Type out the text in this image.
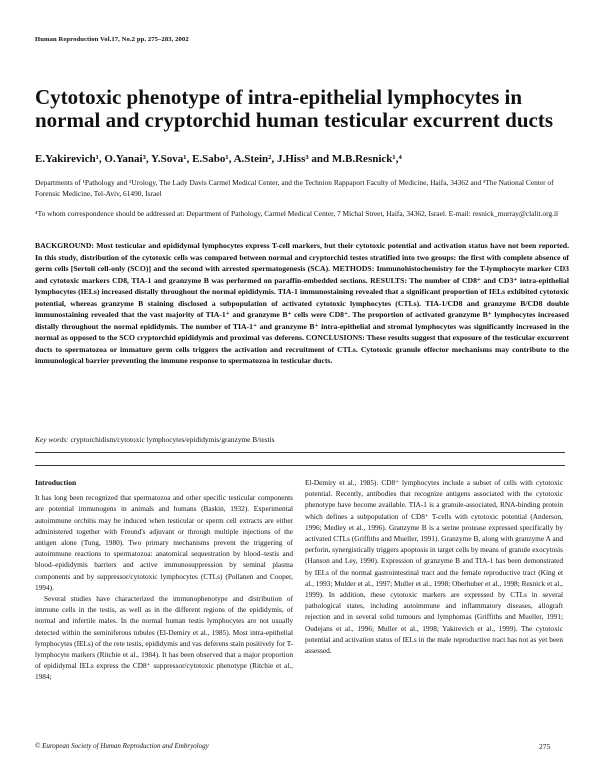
Human Reproduction Vol.17, No.2 pp. 275–283, 2002
Cytotoxic phenotype of intra-epithelial lymphocytes in normal and cryptorchid human testicular excurrent ducts
E.Yakirevich¹, O.Yanai³, Y.Sova¹, E.Sabo¹, A.Stein², J.Hiss³ and M.B.Resnick¹,⁴
Departments of ¹Pathology and ²Urology, The Lady Davis Carmel Medical Center, and the Technion Rappaport Faculty of Medicine, Haifa, 34362 and ³The National Center of Forensic Medicine, Tel-Aviv, 61490, Israel
⁴To whom correspondence should be addressed at: Department of Pathology, Carmel Medical Center, 7 Michal Street, Haifa, 34362, Israel. E-mail: resnick_murray@clalit.org.il
BACKGROUND: Most testicular and epididymal lymphocytes express T-cell markers, but their cytotoxic potential and activation status have not been reported. In this study, distribution of the cytotoxic cells was compared between normal and cryptorchid testes stratified into two groups: the first with complete absence of germ cells [Sertoli cell-only (SCO)] and the second with arrested spermatogenesis (SCA). METHODS: Immunohistochemistry for the T-lymphocyte marker CD3 and cytotoxic markers CD8, TIA-1 and granzyme B was performed on paraffin-embedded sections. RESULTS: The number of CD8⁺ and CD3⁺ intra-epithelial lymphocytes (IELs) increased distally throughout the normal epididymis. TIA-1 immunostaining revealed that a significant proportion of IELs exhibited cytotoxic potential, whereas granzyme B staining disclosed a subpopulation of activated cytotoxic lymphocytes (CTLs). TIA-1/CD8 and granzyme B/CD8 double immunostaining revealed that the vast majority of TIA-1⁺ and granzyme B⁺ cells were CD8⁺. The proportion of activated granzyme B⁺ lymphocytes increased distally throughout the normal epididymis. The number of TIA-1⁺ and granzyme B⁺ intra-epithelial and stromal lymphocytes was significantly increased in the normal as opposed to the SCO cryptorchid epididymis and proximal vas deferens. CONCLUSIONS: These results suggest that exposure of the testicular excurrent ducts to spermatozoa or immature germ cells triggers the activation and recruitment of CTLs. Cytotoxic granule effector mechanisms may contribute to the immunological barrier preventing the immune response to spermatozoa in testicular ducts.
Key words: cryptorchidism/cytotoxic lymphocytes/epididymis/granzyme B/testis
Introduction

It has long been recognized that spermatozoa and other specific testicular components are potential immunogens in animals and humans (Baskin, 1932). Experimental autoimmune orchitis may be induced when testicular or sperm cell extracts are either administered together with Freund's adjuvant or through multiple injections of the antigen alone (Tung, 1980). Two primary mechanisms prevent the triggering of autoimmune reactions to spermatozoa: anatomical sequestration by blood–testis and blood–epididymis barriers and active immunosuppression by seminal plasma components and by suppressor/cytotoxic lymphocytes (CTLs) (Pollanen and Cooper, 1994).

Several studies have characterized the immunophenotype and distribution of immune cells in the testis, as well as in the different regions of the epididymis, of normal and infertile males. In the normal human testis lymphocytes are not usually detected within the seminiferous tubules (El-Demiry et al., 1985). Most intra-epithelial lymphocytes (IELs) of the rete testis, epididymis and vas deferens stain positively for T-lymphocyte markers (Ritchie et al., 1984). It has been observed that a major proportion of epididymal IELs express the CD8⁺ suppressor/cytotoxic phenotype (Ritchie et al., 1984;

El-Demiry et al., 1985). CD8⁺ lymphocytes include a subset of cells with cytotoxic potential. Recently, antibodies that recognize antigens associated with the cytotoxic phenotype have become available. TIA-1 is a granule-associated, RNA-binding protein which defines a subpopulation of CD8⁺ T-cells with cytotoxic potential (Anderson, 1996; Medley et al., 1996). Granzyme B is a serine protease expressed specifically by activated CTLs (Griffiths and Mueller, 1991). Granzyme B, along with granzyme A and perforin, synergistically triggers apoptosis in target cells by means of granule exocytosis (Hanson and Ley, 1990). Expression of granzyme B and TIA-1 has been demonstrated by IELs of the normal gastrointestinal tract and the female reproductive tract (King et al., 1993; Mulder et al., 1997; Muller et al., 1998; Oberhuber et al., 1998; Resnick et al., 1999). In addition, these cytotoxic markers are expressed by CTLs in several pathological states, including autoimmune and inflammatory diseases, allograft rejection and in several solid tumours and lymphomas (Griffiths and Mueller, 1991; Oudejans et al., 1996; Muller et al., 1998; Yakirevich et al., 1999). The cytotoxic potential and activation status of IELs in the male reproductive tract has not as yet been assessed.

© European Society of Human Reproduction and Embryology	275
